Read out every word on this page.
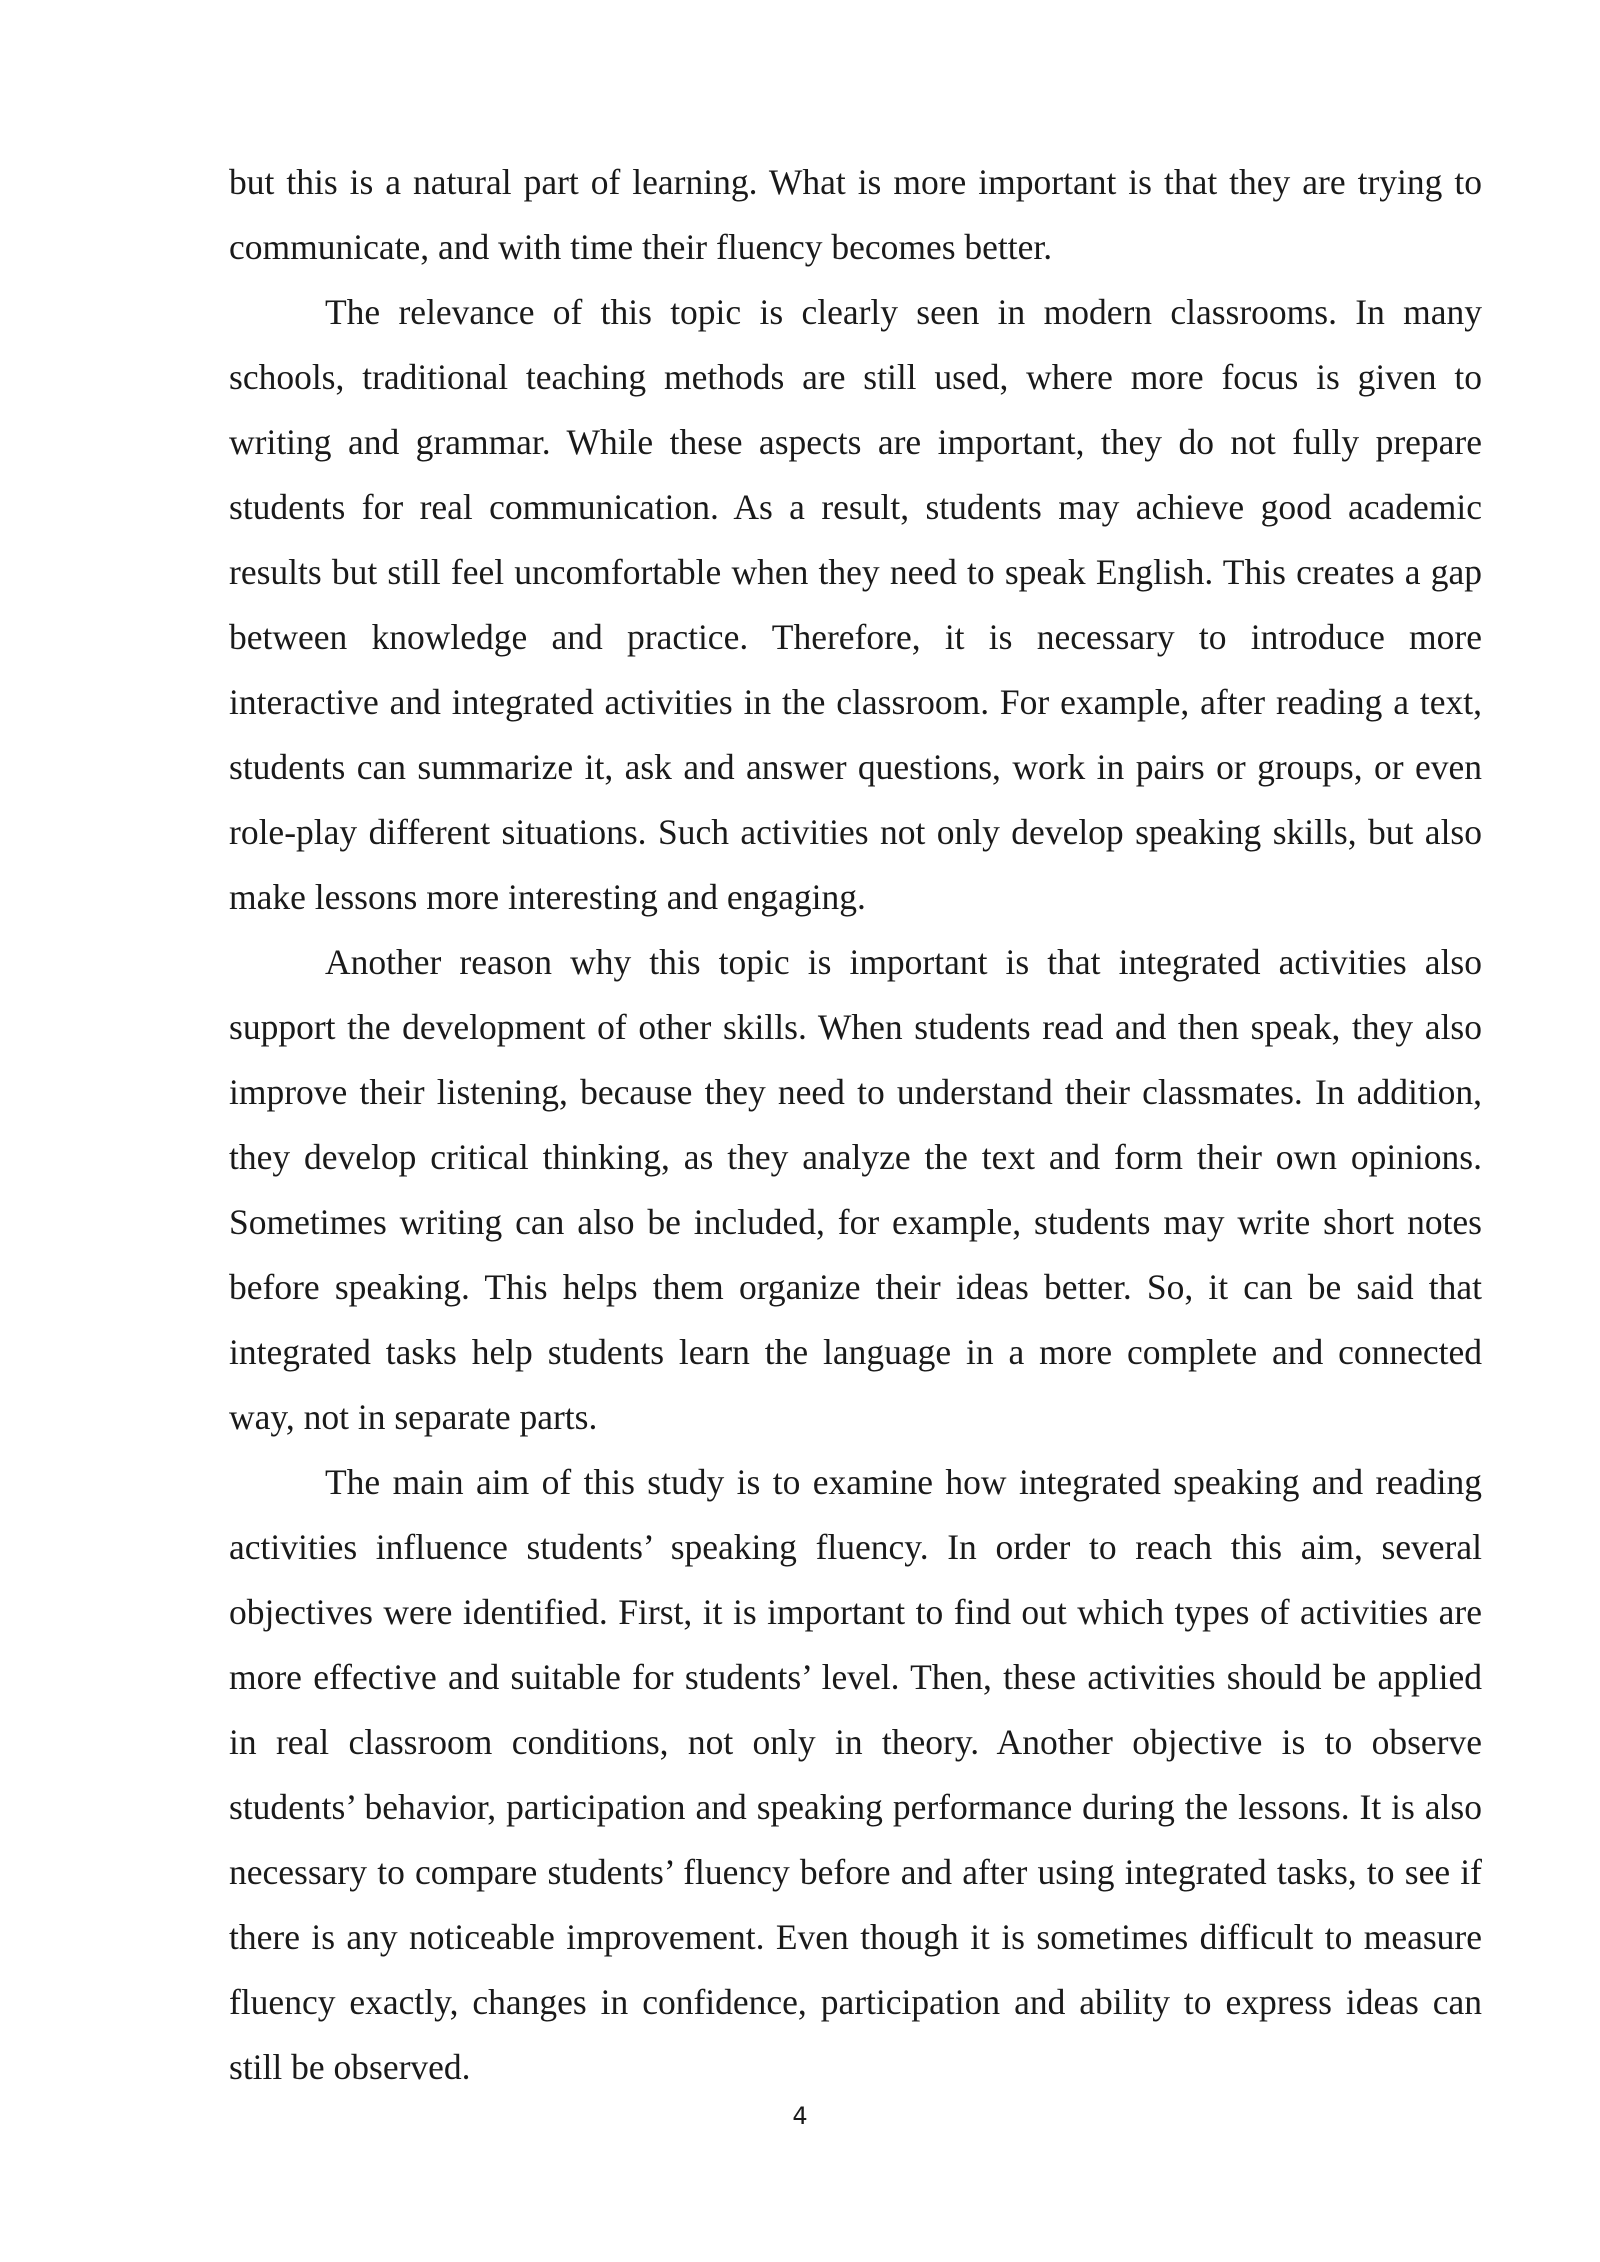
but this is a natural part of learning. What is more important is that they are trying to communicate, and with time their fluency becomes better.

The relevance of this topic is clearly seen in modern classrooms. In many schools, traditional teaching methods are still used, where more focus is given to writing and grammar. While these aspects are important, they do not fully prepare students for real communication. As a result, students may achieve good academic results but still feel uncomfortable when they need to speak English. This creates a gap between knowledge and practice. Therefore, it is necessary to introduce more interactive and integrated activities in the classroom. For example, after reading a text, students can summarize it, ask and answer questions, work in pairs or groups, or even role-play different situations. Such activities not only develop speaking skills, but also make lessons more interesting and engaging.

Another reason why this topic is important is that integrated activities also support the development of other skills. When students read and then speak, they also improve their listening, because they need to understand their classmates. In addition, they develop critical thinking, as they analyze the text and form their own opinions. Sometimes writing can also be included, for example, students may write short notes before speaking. This helps them organize their ideas better. So, it can be said that integrated tasks help students learn the language in a more complete and connected way, not in separate parts.

The main aim of this study is to examine how integrated speaking and reading activities influence students’ speaking fluency. In order to reach this aim, several objectives were identified. First, it is important to find out which types of activities are more effective and suitable for students’ level. Then, these activities should be applied in real classroom conditions, not only in theory. Another objective is to observe students’ behavior, participation and speaking performance during the lessons. It is also necessary to compare students’ fluency before and after using integrated tasks, to see if there is any noticeable improvement. Even though it is sometimes difficult to measure fluency exactly, changes in confidence, participation and ability to express ideas can still be observed.

4
